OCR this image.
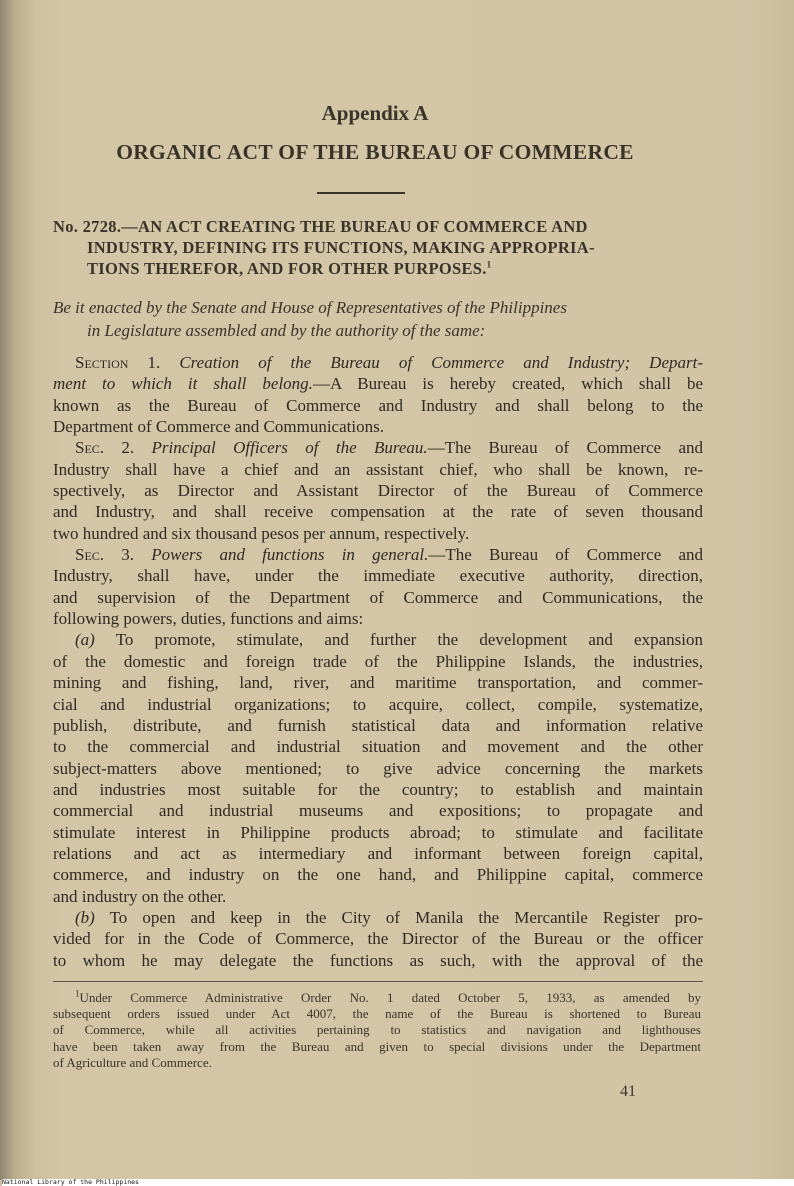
Appendix A
ORGANIC ACT OF THE BUREAU OF COMMERCE
No. 2728.—AN ACT CREATING THE BUREAU OF COMMERCE AND
INDUSTRY, DEFINING ITS FUNCTIONS, MAKING APPROPRIA-
TIONS THEREFOR, AND FOR OTHER PURPOSES.$^1$
Be it enacted by the Senate and House of Representatives of the Philippines
in Legislature assembled and by the authority of the same:
Section 1. Creation of the Bureau of Commerce and Industry; Depart-
ment to which it shall belong.—A Bureau is hereby created, which shall be
known as the Bureau of Commerce and Industry and shall belong to the
Department of Commerce and Communications.
Sec. 2. Principal Officers of the Bureau.—The Bureau of Commerce and
Industry shall have a chief and an assistant chief, who shall be known, re-
spectively, as Director and Assistant Director of the Bureau of Commerce
and Industry, and shall receive compensation at the rate of seven thousand
two hundred and six thousand pesos per annum, respectively.
Sec. 3. Powers and functions in general.—The Bureau of Commerce and
Industry, shall have, under the immediate executive authority, direction,
and supervision of the Department of Commerce and Communications, the
following powers, duties, functions and aims:
(a) To promote, stimulate, and further the development and expansion
of the domestic and foreign trade of the Philippine Islands, the industries,
mining and fishing, land, river, and maritime transportation, and commer-
cial and industrial organizations; to acquire, collect, compile, systematize,
publish, distribute, and furnish statistical data and information relative
to the commercial and industrial situation and movement and the other
subject-matters above mentioned; to give advice concerning the markets
and industries most suitable for the country; to establish and maintain
commercial and industrial museums and expositions; to propagate and
stimulate interest in Philippine products abroad; to stimulate and facilitate
relations and act as intermediary and informant between foreign capital,
commerce, and industry on the one hand, and Philippine capital, commerce
and industry on the other.
(b) To open and keep in the City of Manila the Mercantile Register pro-
vided for in the Code of Commerce, the Director of the Bureau or the officer
to whom he may delegate the functions as such, with the approval of the
$^1$Under Commerce Administrative Order No. 1 dated October 5, 1933, as amended by
subsequent orders issued under Act 4007, the name of the Bureau is shortened to Bureau
of Commerce, while all activities pertaining to statistics and navigation and lighthouses
have been taken away from the Bureau and given to special divisions under the Department
of Agriculture and Commerce.
41
National Library of the Philippines
